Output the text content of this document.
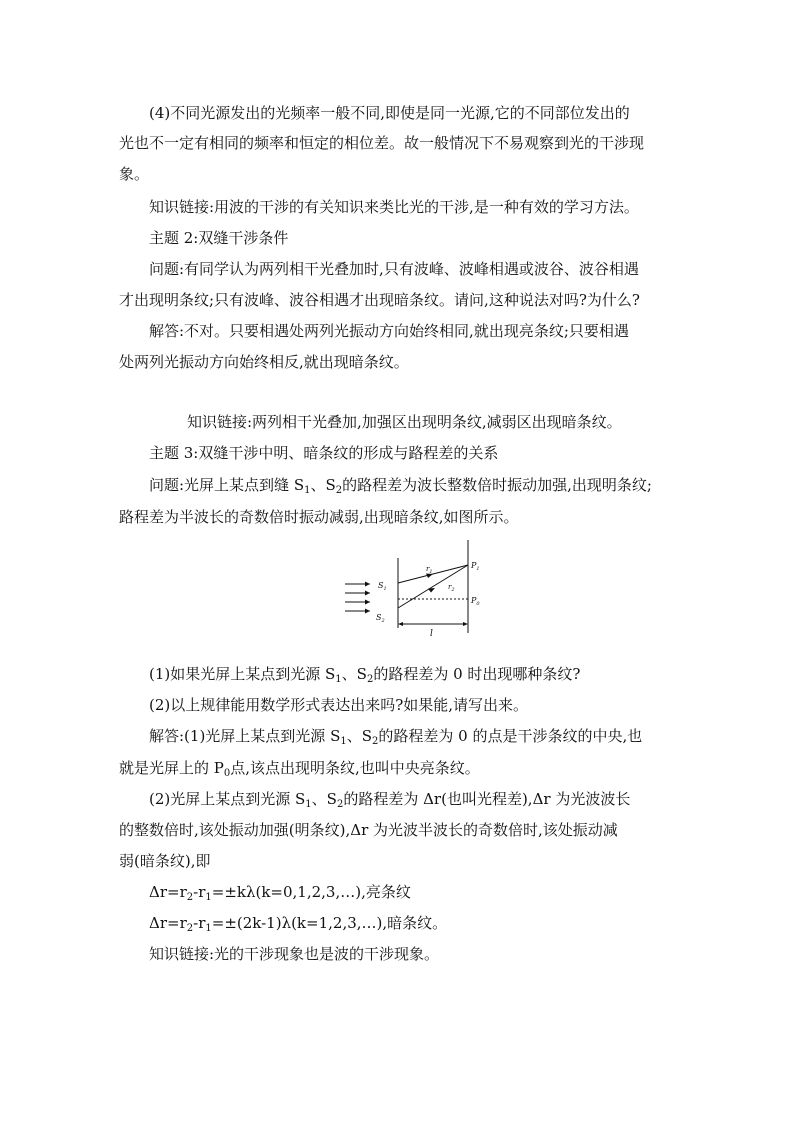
(4)不同光源发出的光频率一般不同,即使是同一光源,它的不同部位发出的
光也不一定有相同的频率和恒定的相位差。故一般情况下不易观察到光的干涉现
象。
知识链接:用波的干涉的有关知识来类比光的干涉,是一种有效的学习方法。
主题 2:双缝干涉条件
问题:有同学认为两列相干光叠加时,只有波峰、波峰相遇或波谷、波谷相遇
才出现明条纹;只有波峰、波谷相遇才出现暗条纹。请问,这种说法对吗?为什么?
解答:不对。只要相遇处两列光振动方向始终相同,就出现亮条纹;只要相遇
处两列光振动方向始终相反,就出现暗条纹。
知识链接:两列相干光叠加,加强区出现明条纹,减弱区出现暗条纹。
主题 3:双缝干涉中明、暗条纹的形成与路程差的关系
问题:光屏上某点到缝 $S_1$、$S_2$的路程差为波长整数倍时振动加强,出现明条纹;
路程差为半波长的奇数倍时振动减弱,出现暗条纹,如图所示。
$S_1$
$S_2$
$r_1$
$r_2$
$P_1$
$P_0$
l
(1)如果光屏上某点到光源 $S_1$、$S_2$的路程差为 0 时出现哪种条纹?
(2)以上规律能用数学形式表达出来吗?如果能,请写出来。
解答:(1)光屏上某点到光源 $S_1$、$S_2$的路程差为 0 的点是干涉条纹的中央,也
就是光屏上的 $P_0$点,该点出现明条纹,也叫中央亮条纹。
(2)光屏上某点到光源 $S_1$、$S_2$的路程差为 Δr(也叫光程差),Δr 为光波波长
的整数倍时,该处振动加强(明条纹),Δr 为光波半波长的奇数倍时,该处振动减
弱(暗条纹),即
$\Delta r=r_2-r_1=\pm k\lambda(k=0,1,2,3,\dots)$,亮条纹
$\Delta r=r_2-r_1=\pm(2k-1)\lambda(k=1,2,3,\dots)$,暗条纹。
知识链接:光的干涉现象也是波的干涉现象。
